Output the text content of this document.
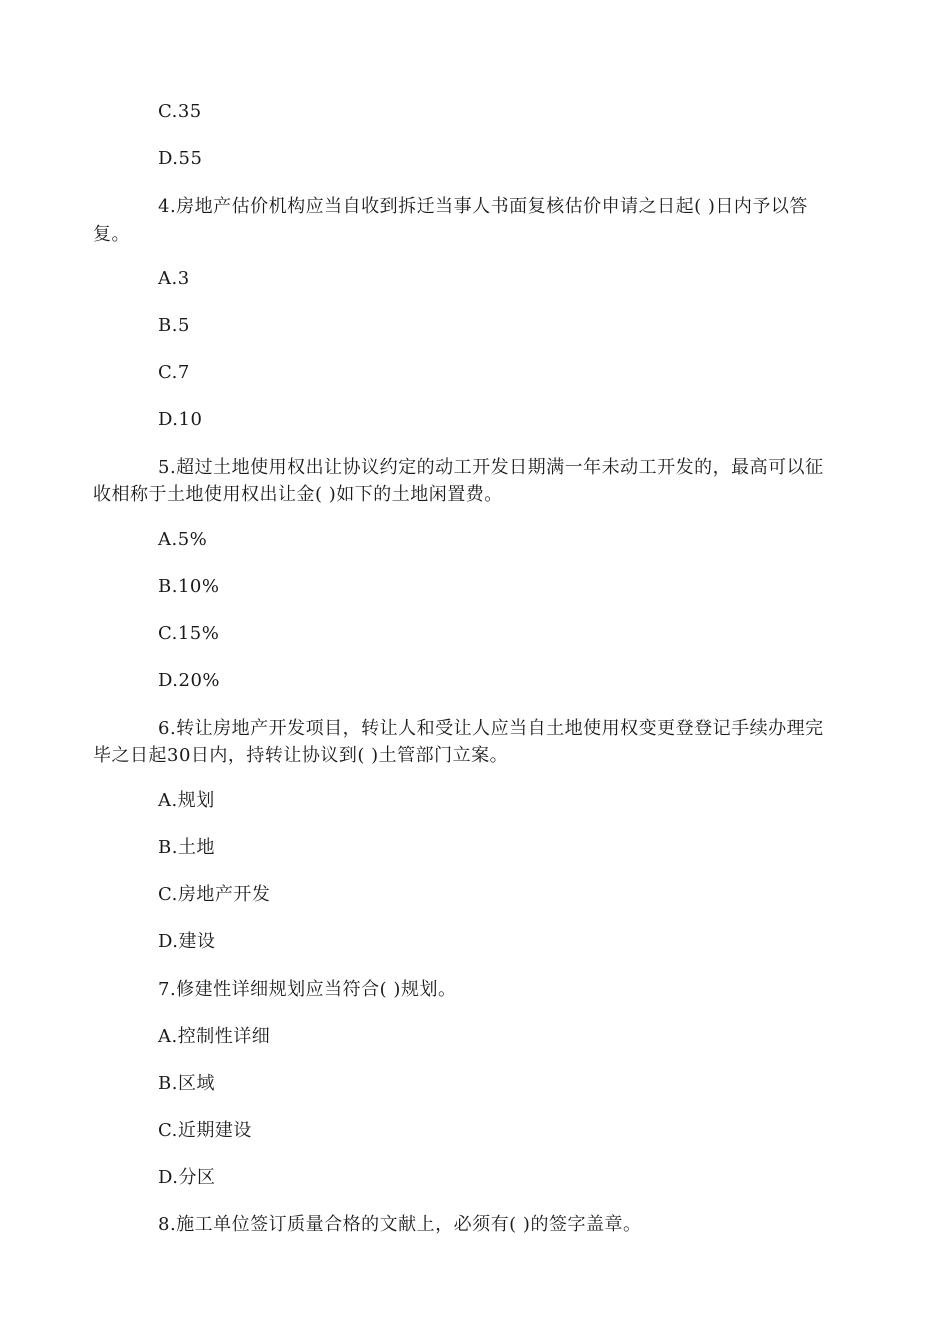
C.35
D.55
4.房地产估价机构应当自收到拆迁当事人书面复核估价申请之日起( )日内予以答
复。
A.3
B.5
C.7
D.10
5.超过土地使用权出让协议约定的动工开发日期满一年未动工开发的，最高可以征
收相称于土地使用权出让金( )如下的土地闲置费。
A.5%
B.10%
C.15%
D.20%
6.转让房地产开发项目，转让人和受让人应当自土地使用权变更登登记手续办理完
毕之日起30日内，持转让协议到( )土管部门立案。
A.规划
B.土地
C.房地产开发
D.建设
7.修建性详细规划应当符合( )规划。
A.控制性详细
B.区域
C.近期建设
D.分区
8.施工单位签订质量合格的文献上，必须有( )的签字盖章。
